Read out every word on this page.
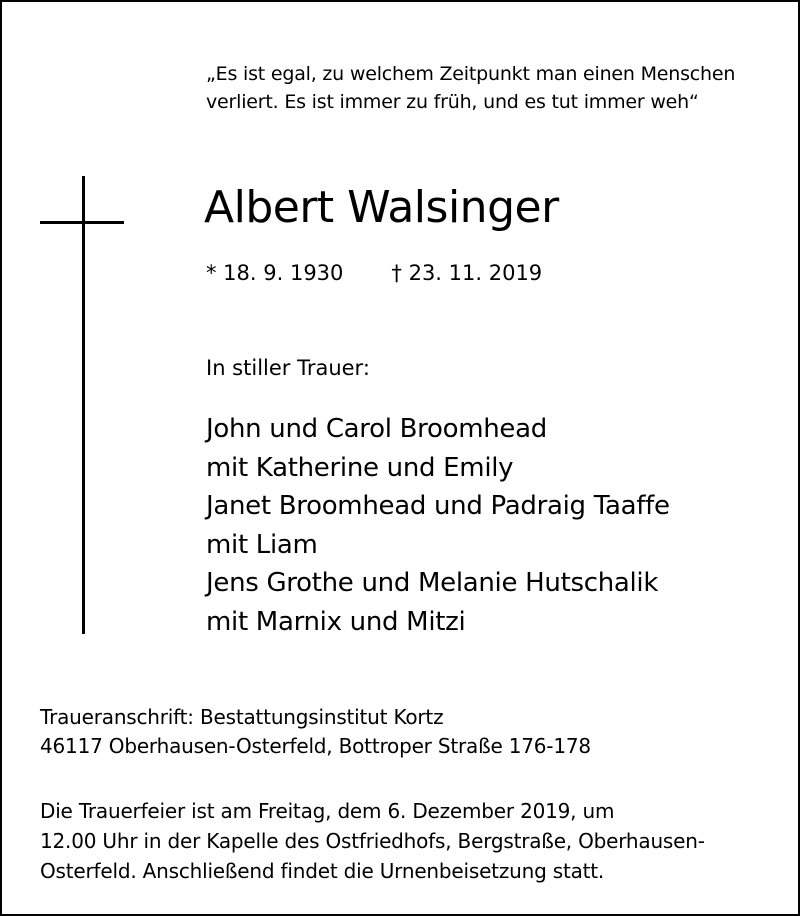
„Es ist egal, zu welchem Zeitpunkt man einen Menschen
verliert. Es ist immer zu früh, und es tut immer weh“
Albert Walsinger
* 18. 9. 1930 † 23. 11. 2019
In stiller Trauer:
John und Carol Broomhead
mit Katherine und Emily
Janet Broomhead und Padraig Taaffe
mit Liam
Jens Grothe und Melanie Hutschalik
mit Marnix und Mitzi
Traueranschrift: Bestattungsinstitut Kortz
46117 Oberhausen-Osterfeld, Bottroper Straße 176-178
Die Trauerfeier ist am Freitag, dem 6. Dezember 2019, um
12.00 Uhr in der Kapelle des Ostfriedhofs, Bergstraße, Oberhausen-
Osterfeld. Anschließend findet die Urnenbeisetzung statt.
